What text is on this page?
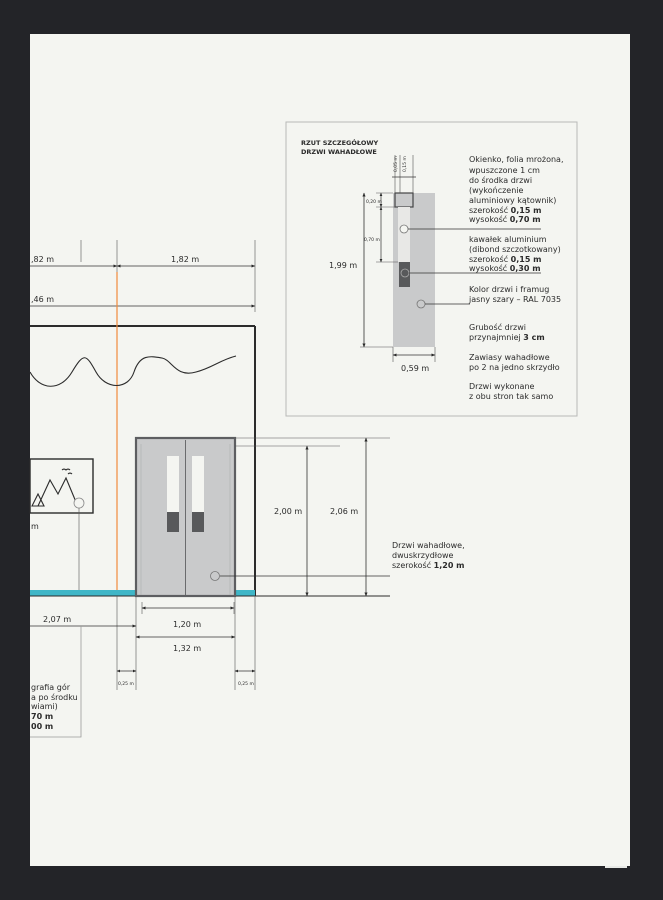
RZUT SZCZEGÓŁOWY
DRZWI WAHADŁOWE
0,05 m 0,15 m
0,20 m
0,70 m
1,99 m
0,59 m
Okienko, folia mrożona,
wpuszczone 1 cm
do środka drzwi
(wykończenie
aluminiowy kątownik)
szerokość 0,15 m
wysokość 0,70 m
kawałek aluminium
(dibond szczotkowany)
szerokość 0,15 m
wysokość 0,30 m
Kolor drzwi i framug
jasny szary – RAL 7035
Grubość drzwi
przynajmniej 3 cm
Zawiasy wahadłowe
po 2 na jedno skrzydło
Drzwi wykonane
z obu stron tak samo
,82 m	1,82 m
,46 m
m
2,00 m	2,06 m
Drzwi wahadłowe,
dwuskrzydłowe
szerokość 1,20 m
2,07 m
1,20 m
1,32 m
0,25 m	0,25 m
grafia gór
a po środku
wiami)
70 m
00 m
